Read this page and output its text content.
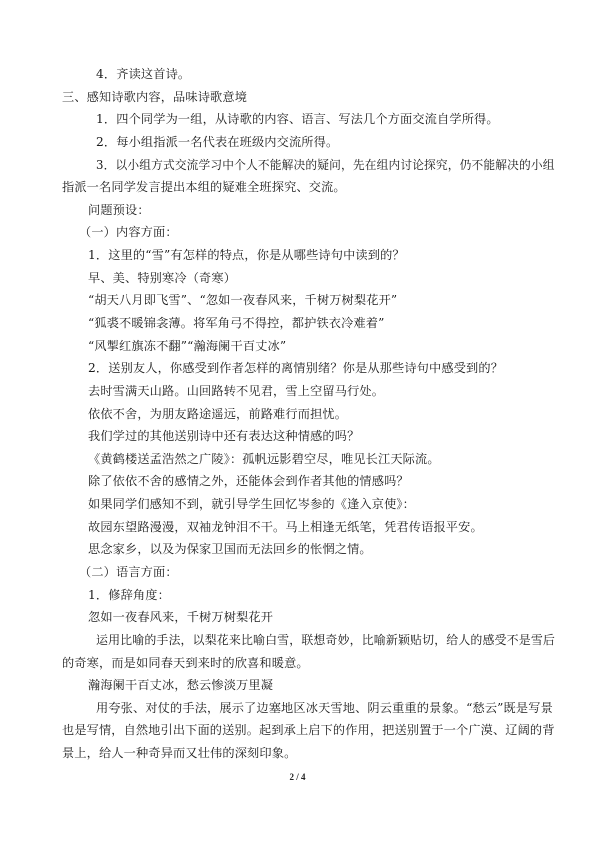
4．齐读这首诗。
三、感知诗歌内容，品味诗歌意境
1．四个同学为一组，从诗歌的内容、语言、写法几个方面交流自学所得。
2．每小组指派一名代表在班级内交流所得。
3．以小组方式交流学习中个人不能解决的疑问，先在组内讨论探究，仍不能解决的小组
指派一名同学发言提出本组的疑难全班探究、交流。
问题预设：
（一）内容方面：
1．这里的“雪”有怎样的特点，你是从哪些诗句中读到的？
早、美、特别寒冷（奇寒）
“胡天八月即飞雪”、“忽如一夜春风来，千树万树梨花开”
“狐裘不暖锦衾薄。将军角弓不得控，都护铁衣冷难着”
“风掣红旗冻不翻”“瀚海阑干百丈冰”
2．送别友人，你感受到作者怎样的离情别绪？你是从那些诗句中感受到的？
去时雪满天山路。山回路转不见君，雪上空留马行处。
依依不舍，为朋友路途遥远，前路难行而担忧。
我们学过的其他送别诗中还有表达这种情感的吗？
《黄鹤楼送孟浩然之广陵》：孤帆远影碧空尽，唯见长江天际流。
除了依依不舍的感情之外，还能体会到作者其他的情感吗？
如果同学们感知不到，就引导学生回忆岑参的《逢入京使》：
故园东望路漫漫，双袖龙钟泪不干。马上相逢无纸笔，凭君传语报平安。
思念家乡，以及为保家卫国而无法回乡的怅惘之情。
（二）语言方面：
1．修辞角度：
忽如一夜春风来，千树万树梨花开
运用比喻的手法，以梨花来比喻白雪，联想奇妙，比喻新颖贴切，给人的感受不是雪后
的奇寒，而是如同春天到来时的欣喜和暖意。
瀚海阑干百丈冰，愁云惨淡万里凝
用夸张、对仗的手法，展示了边塞地区冰天雪地、阴云重重的景象。“愁云”既是写景
也是写情，自然地引出下面的送别。起到承上启下的作用，把送别置于一个广漠、辽阔的背
景上，给人一种奇异而又壮伟的深刻印象。
2 / 4
